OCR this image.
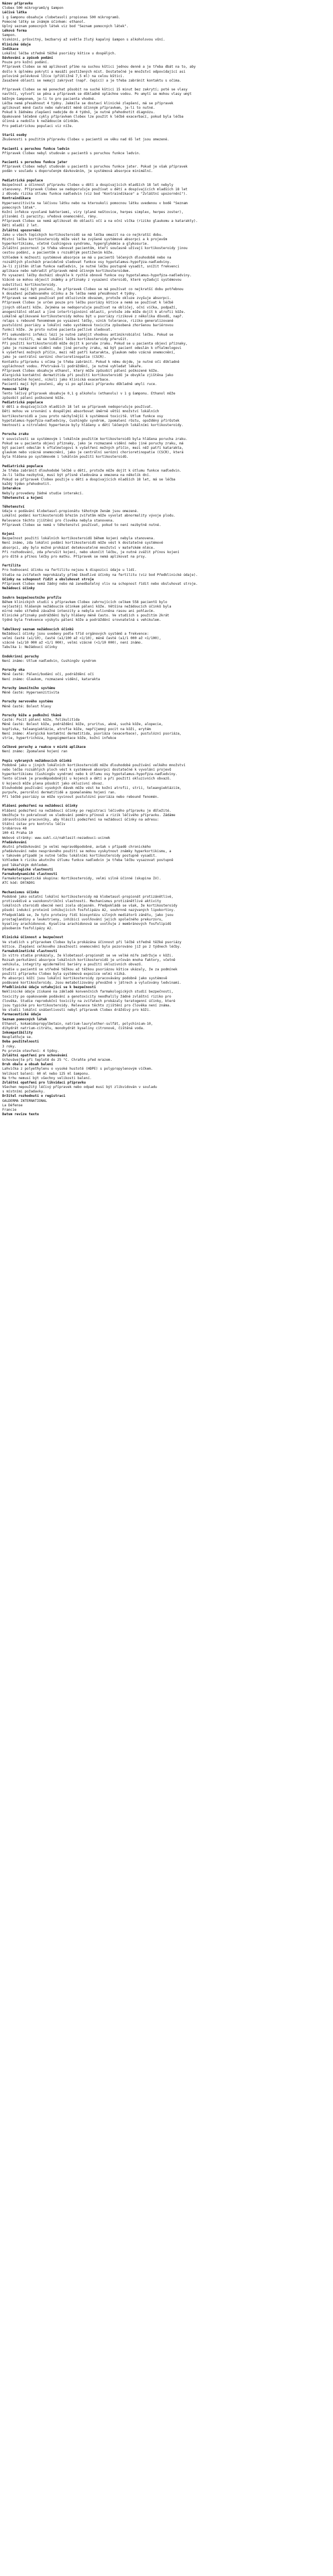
Název přípravku
Clobex 500 mikrogramů/g šampon
Léčivá látka
1 g šamponu obsahuje clobetasoli propionas 500 mikrogramů.
Pomocné látky se známým účinkem: ethanol.
Úplný seznam pomocných látek viz bod "Seznam pomocných látek".
Léková forma
Šampon.
Viskózní, průsvitný, bezbarvý až světle žlutý kapalný šampon s alkoholovou vůní.
Klinické údaje
Indikace
Lokální léčba středně těžké psoriázy kštice u dospělých.
Dávkování a způsob podání
Pouze pro kožní podání.
Přípravek Clobex se má aplikovat přímo na suchou kštici jednou denně a je třeba dbát na to, aby
došlo k úplnému pokrytí a masáži postižených míst. Dostatečné je množství odpovídající asi
polovině polévkové lžíce (přibližně 7,5 ml) na celou kštici.
Zasažené oblasti se nemají zakrývat (např. čepicí) a je třeba zabránit kontaktu s očima.
Přípravek Clobex se má ponechat působit na suché kštici 15 minut bez zakrytí; poté se vlasy
navlhčí, vytvoří se pěna a přípravek se důkladně opláchne vodou. Po umytí se mohou vlasy umýt
běžným šamponem, je-li to pro pacienta vhodné.
Léčba nemá přesáhnout 4 týdny. Jakmile se dostaví klinické zlepšení, má se přípravek
aplikovat méně často nebo nahradit méně účinným přípravkem, je-li to nutné.
Pokud k žádnému zlepšení nedojde do 4 týdnů, je nutné přehodnotit diagnózu.
Opakované léčebné cykly přípravkem Clobex lze použít k léčbě exacerbací, pokud byla léčba
účinná a nedošlo k nežádoucím účinkům.
Pro pediatrickou populaci viz níže.
Starší osoby
Zkušenosti s použitím přípravku Clobex u pacientů ve věku nad 65 let jsou omezené.
Pacienti s poruchou funkce ledvin
Přípravek Clobex nebyl studován u pacientů s poruchou funkce ledvin.
Pacienti s poruchou funkce jater
Přípravek Clobex nebyl studován u pacientů s poruchou funkce jater. Pokud je však přípravek
podán v souladu s doporučeným dávkováním, je systémová absorpce minimální.
Pediatrická populace
Bezpečnost a účinnost přípravku Clobex u dětí a dospívajících mladších 18 let nebyly
stanoveny. Přípravek Clobex se nedoporučuje používat u dětí a dospívajících mladších 18 let
z důvodu rizika útlumu funkce nadledvin (viz bod "Kontraindikace" a "Zvláštní upozornění").
Kontraindikace
Hypersenzitivita na léčivou látku nebo na kteroukoli pomocnou látku uvedenou v bodě "Seznam
pomocných látek".
Kožní infekce vyvolané bakteriemi, viry (plané neštovice, herpes simplex, herpes zoster),
plísněmi či parazity; vředová onemocnění, rány.
Přípravek Clobex se nemá aplikovat do oblasti očí a na oční víčka (riziko glaukomu a katarakty).
Děti mladší 2 let.
Zvláštní upozornění
Jako u všech topických kortikosteroidů se má léčba omezit na co nejkratší dobu.
Místní léčba kortikosteroidy může vést ke zvýšené systémové absorpci a k projevům
hyperkortikismu, včetně Cushingova syndromu, hyperglykémie a glykosurie.
Zvláštní pozornost je třeba věnovat pacientům, kteří současně užívají kortikosteroidy jinou
cestou podání, a pacientům s rozsáhlým postižením kůže.
Vzhledem k možnosti systémové absorpce se má u pacientů léčených dlouhodobě nebo na
rozsáhlých plochách pravidelně sledovat funkce osy hypotalamus-hypofýza-nadledviny.
Je-li zjištěn útlum funkce nadledvin, je nutné léčbu postupně vysadit, snížit frekvenci
aplikace nebo nahradit přípravek méně účinným kortikosteroidem.
Po vysazení léčby dochází obvykle k rychlé obnově funkce osy hypotalamus-hypofýza-nadledviny.
Vzácně se mohou objevit známky a příznaky z vysazení steroidů, které vyžadují systémovou
substituci kortikosteroidy.
Pacienti mají být poučeni, že přípravek Clobex se má používat co nejkratší dobu potřebnou
k dosažení požadovaného účinku a že léčba nemá přesáhnout 4 týdny.
Přípravek se nemá používat pod okluzivním obvazem, protože okluze zvyšuje absorpci.
Přípravek Clobex je určen pouze pro léčbu psoriázy kštice a nemá se používat k léčbě
jiných oblastí kůže. Zejména se nedoporučuje používat na obličej, oční víčka, podpaží,
anogenitální oblast a jiné intertriginózní oblasti, protože zde může dojít k atrofii kůže.
Lokálně aplikované kortikosteroidy mohou být u psoriázy rizikové z několika důvodů, např.
relaps s rebound fenoménem po vysazení léčby, vznik tolerance, riziko generalizované
pustulózní psoriázy a lokální nebo systémová toxicita způsobená zhoršenou bariérovou
funkcí kůže. Je proto nutné pacienta pečlivě sledovat.
Při sekundární infekci lézí je nutné zahájit vhodnou antimikrobiální léčbu. Pokud se
infekce rozšíří, má se lokální léčba kortikosteroidy přerušit.
Při použití kortikosteroidů může dojít k poruše zraku. Pokud se u pacienta objeví příznaky,
jako je rozmazané vidění nebo jiné poruchy zraku, má být pacient odeslán k oftalmologovi
k vyšetření možných příčin, mezi něž patří katarakta, glaukom nebo vzácná onemocnění,
jako je centrální serózní chorioretinopatie (CSCR).
Kontaktu přípravku s očima je třeba zabránit. Pokud k němu dojde, je nutné oči důkladně
vypláchnout vodou. Přetrvává-li podráždění, je nutné vyhledat lékaře.
Přípravek Clobex obsahuje ethanol, který může způsobit pálení poškozené kůže.
Alergická kontaktní dermatitida při použití kortikosteroidů je obvykle zjištěna jako
nedostatečné hojení, nikoli jako klinická exacerbace.
Pacienti mají být poučeni, aby si po aplikaci přípravku důkladně umyli ruce.
Pomocné látky
Tento léčivý přípravek obsahuje 0,1 g alkoholu (ethanolu) v 1 g šamponu. Ethanol může
způsobit pálení poškozené kůže.
Pediatrická populace
U dětí a dospívajících mladších 18 let se přípravek nedoporučuje používat.
Děti mohou ve srovnání s dospělými absorbovat úměrně větší množství lokálních
kortikosteroidů a jsou proto náchylnější k systémové toxicitě. Útlum funkce osy
hypotalamus-hypofýza-nadledviny, Cushingův syndrom, zpomalení růstu, opožděný přírůstek
hmotnosti a nitrolební hypertenze byly hlášeny u dětí léčených lokálními kortikosteroidy.
Porucha zraku
V souvislosti se systémovým i lokálním použitím kortikosteroidů byla hlášena porucha zraku.
Pokud se u pacienta objeví příznaky, jako je rozmazané vidění nebo jiné poruchy zraku, má
být pacient odeslán k oftalmologovi k vyšetření možných příčin, mezi něž patří katarakta,
glaukom nebo vzácná onemocnění, jako je centrální serózní chorioretinopatie (CSCR), která
byla hlášena po systémovém i lokálním použití kortikosteroidů.
Pediatrická populace
Je třeba zabránit dlouhodobé léčbě u dětí, protože může dojít k útlumu funkce nadledvin.
Je-li léčba nezbytná, musí být přísně sledována a omezena na několik dní.
Pokud se přípravek Clobex použije u dětí a dospívajících mladších 18 let, má se léčba
každý týden přehodnotit.
Interakce
Nebyly provedeny žádné studie interakcí.
Těhotenství a kojení
Těhotenství
Údaje o podávání klobetasol-propionátu těhotným ženám jsou omezené.
Lokální podání kortikosteroidů březím zvířatům může vyvolat abnormality vývoje plodu.
Relevance těchto zjištění pro člověka nebyla stanovena.
Přípravek Clobex se nemá v těhotenství používat, pokud to není nezbytně nutné.
Kojení
Bezpečnost použití lokálních kortikosteroidů během kojení nebyla stanovena.
Není známo, zda lokální podání kortikosteroidů může vést k dostatečné systémové
absorpci, aby bylo možné prokázat detekovatelné množství v mateřském mléce.
Při rozhodování, zda přerušit kojení, nebo ukončit léčbu, je nutné zvážit přínos kojení
pro dítě a přínos léčby pro matku. Přípravek se nemá aplikovat na prsy.
Fertilita
Pro hodnocení účinku na fertilitu nejsou k dispozici údaje u lidí.
Studie na zvířatech neprokázaly přímé škodlivé účinky na fertilitu (viz bod Předklinické údaje).
Účinky na schopnost řídit a obsluhovat stroje
Přípravek Clobex nemá žádný nebo má zanedbatelný vliv na schopnost řídit nebo obsluhovat stroje.
Nežádoucí účinky
Souhrn bezpečnostního profilu
Během klinických studií s přípravkem Clobex zahrnujících celkem 558 pacientů bylo
nejčastěji hlášeným nežádoucím účinkem pálení kůže. Většina nežádoucích účinků byla
mírné nebo středně závažné intenzity a nebyla ovlivněna rasou ani pohlavím.
Klinické příznaky podráždění byly hlášeny méně často. Ve studiích s použitím 2krát
týdně byla frekvence výskytu pálení kůže a podráždění srovnatelná s vehikulem.
Tabulkový seznam nežádoucích účinků
Nežádoucí účinky jsou uvedeny podle tříd orgánových systémů a frekvence:
velmi časté (≥1/10), časté (≥1/100 až <1/10), méně časté (≥1/1 000 až <1/100),
vzácné (≥1/10 000 až <1/1 000), velmi vzácné (<1/10 000), není známo.
Tabulka 1: Nežádoucí účinky
Endokrinní poruchy
Není známo: Útlum nadledvin, Cushingův syndrom
Poruchy oka
Méně časté: Pálení/bodání očí, podráždění očí
Není známo: Glaukom, rozmazané vidění, katarakta
Poruchy imunitního systému
Méně časté: Hypersenzitivita
Poruchy nervového systému
Méně časté: Bolest hlavy
Poruchy kůže a podkožní tkáně
Časté: Pocit pálení kůže, folikulitida
Méně časté: Bolest kůže, podráždění kůže, pruritus, akné, suchá kůže, alopecie,
kopřivka, teleangiektázie, atrofie kůže, nepříjemný pocit na kůži, erytém
Není známo: Alergická kontaktní dermatitida, psoriáza (exacerbace), pustulózní psoriáza,
strie, hypertrichóza, hypopigmentace kůže, kožní infekce
Celkové poruchy a reakce v místě aplikace
Není známo: Zpomalené hojení ran
Popis vybraných nežádoucích účinků
Podobně jako u jiných lokálních kortikosteroidů může dlouhodobé používání velkého množství
nebo léčba rozsáhlých ploch vést k systémové absorpci dostatečné k vyvolání projevů
hyperkortikismu (Cushingův syndrom) nebo k útlumu osy hypotalamus-hypofýza-nadledviny.
Tento účinek je pravděpodobnější u kojenců a dětí a při použití okluzivních obvazů.
U kojenců může plena působit jako okluzivní obvaz.
Dlouhodobé používání vysokých dávek může vést ke kožní atrofii, strii, teleangiektáziím,
purpuře, perorální dermatitidě a zpomalenému hojení ran.
Při léčbě psoriázy se může vyvinout pustulózní psoriáza nebo rebound fenomén.
Hlášení podezření na nežádoucí účinky
Hlášení podezření na nežádoucí účinky po registraci léčivého přípravku je důležité.
Umožňuje to pokračovat ve sledování poměru přínosů a rizik léčivého přípravku. Žádáme
zdravotnické pracovníky, aby hlásili podezření na nežádoucí účinky na adresu:
Státní ústav pro kontrolu léčiv
Šrobárova 48
100 41 Praha 10
Webové stránky: www.sukl.cz/nahlasit-nezadouci-ucinek
Předávkování
Akutní předávkování je velmi nepravděpodobné, avšak v případě chronického
předávkování nebo nesprávného použití se mohou vyskytnout známky hyperkortikismu, a
v takovém případě je nutné léčbu lokálními kortikosteroidy postupně vysadit.
Vzhledem k riziku akutního útlumu funkce nadledvin je třeba léčbu vysazovat postupně
pod lékařským dohledem.
Farmakologické vlastnosti
Farmakodynamické vlastnosti
Farmakoterapeutická skupina: Kortikosteroidy, velmi silně účinné (skupina IV).
ATC kód: D07AD01
Mechanismus účinku
Podobně jako ostatní lokální kortikosteroidy má klobetasol-propionát protizánětlivé,
protisvědivé a vazokonstrikční vlastnosti. Mechanismus protizánětlivé aktivity
lokálních steroidů obecně není zcela objasněn. Předpokládá se však, že kortikosteroidy
působí indukcí proteinů inhibujících fosfolipázu A2, souhrnně nazývaných lipokortiny.
Předpokládá se, že tyto proteiny řídí biosyntézu silných mediátorů zánětu, jako jsou
prostaglandiny a leukotrieny, inhibicí uvolňování jejich společného prekurzoru,
kyseliny arachidonové. Kyselina arachidonová se uvolňuje z membránových fosfolipidů
působením fosfolipázy A2.
Klinická účinnost a bezpečnost
Ve studiích s přípravkem Clobex byla prokázána účinnost při léčbě středně těžké psoriázy
kštice. Zlepšení celkového závažnosti onemocnění bylo pozorováno již po 2 týdnech léčby.
Farmakokinetické vlastnosti
In vitro studie prokázaly, že klobetasol-propionát se ve velké míře zadržuje v kůži.
Rozsah perkutánní absorpce lokálních kortikosteroidů je určován mnoha faktory, včetně
vehikula, integrity epidermální bariéry a použití okluzivních obvazů.
Studie u pacientů se středně těžkou až těžkou psoriázou kštice ukázaly, že za podmínek
použití přípravku Clobex byla systémová expozice velmi nízká.
Po absorpci kůží jsou lokální kortikosteroidy zpracovávány podobně jako systémově
podávané kortikosteroidy. Jsou metabolizovány převážně v játrech a vylučovány ledvinami.
Předklinické údaje vztahující se k bezpečnosti
Neklinické údaje získané na základě konvenčních farmakologických studií bezpečnosti,
toxicity po opakovaném podávání a genotoxicity neodhalily žádné zvláštní riziko pro
člověka. Studie reprodukční toxicity na zvířatech prokázaly teratogenní účinky, které
jsou typické pro kortikosteroidy. Relevance těchto zjištění pro člověka není známa.
Ve studii lokální snášenlivosti nebyl přípravek Clobex dráždivý pro kůži.
Farmaceutické údaje
Seznam pomocných látek
Ethanol, kokamidopropylbetain, natrium-laurylether-sulfát, polychinium-10,
dihydrát natrium-citrátu, monohydrát kyseliny citronové, čištěná voda.
Inkompatibility
Neuplatňuje se.
Doba použitelnosti
3 roky.
Po prvním otevření: 4 týdny.
Zvláštní opatření pro uchovávání
Uchovávejte při teplotě do 25 °C. Chraňte před mrazem.
Druh obalu a obsah balení
Lahvička z polyethylenu o vysoké hustotě (HDPE) s polypropylenovým víčkem.
Velikost balení: 60 ml nebo 125 ml šamponu.
Na trhu nemusí být všechny velikosti balení.
Zvláštní opatření pro likvidaci přípravku
Všechen nepoužitý léčivý přípravek nebo odpad musí být zlikvidován v souladu
s místními požadavky.
Držitel rozhodnutí o registraci
GALDERMA INTERNATIONAL
La Défense
Francie
Datum revize textu
